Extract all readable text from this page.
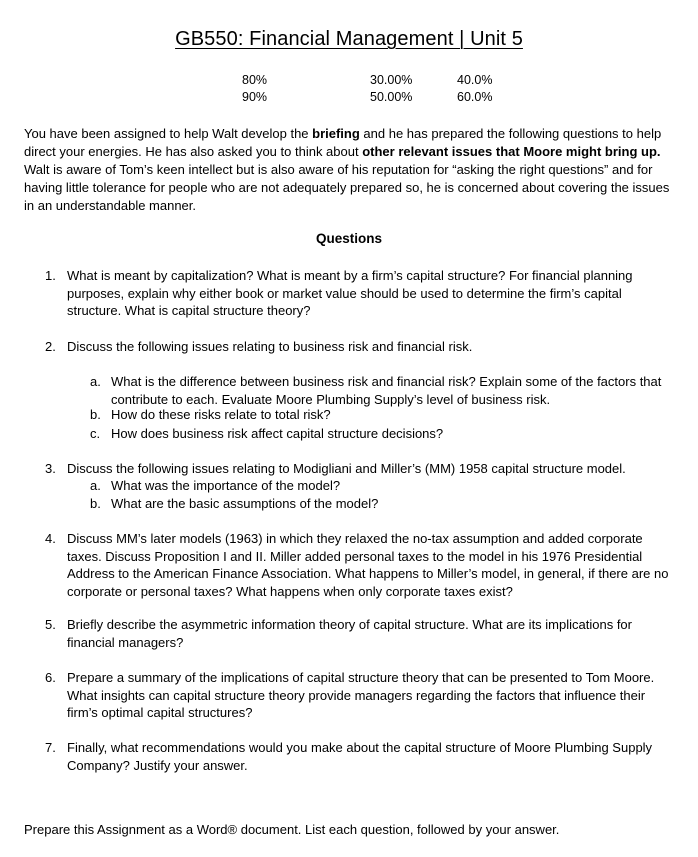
GB550: Financial Management | Unit 5
80%	30.00%	40.0%
90%	50.00%	60.0%

You have been assigned to help Walt develop the briefing and he has prepared the following questions to help direct your energies. He has also asked you to think about other relevant issues that Moore might bring up. Walt is aware of Tom’s keen intellect but is also aware of his reputation for “asking the right questions” and for having little tolerance for people who are not adequately prepared so, he is concerned about covering the issues in an understandable manner.

Questions
1. What is meant by capitalization? What is meant by a firm’s capital structure? For financial planning purposes, explain why either book or market value should be used to determine the firm’s capital structure. What is capital structure theory?
2. Discuss the following issues relating to business risk and financial risk.
a. What is the difference between business risk and financial risk? Explain some of the factors that contribute to each. Evaluate Moore Plumbing Supply’s level of business risk.
b. How do these risks relate to total risk?
c. How does business risk affect capital structure decisions?
3. Discuss the following issues relating to Modigliani and Miller’s (MM) 1958 capital structure model.
a. What was the importance of the model?
b. What are the basic assumptions of the model?
4. Discuss MM’s later models (1963) in which they relaxed the no-tax assumption and added corporate taxes. Discuss Proposition I and II. Miller added personal taxes to the model in his 1976 Presidential Address to the American Finance Association. What happens to Miller’s model, in general, if there are no corporate or personal taxes? What happens when only corporate taxes exist?
5. Briefly describe the asymmetric information theory of capital structure. What are its implications for financial managers?
6. Prepare a summary of the implications of capital structure theory that can be presented to Tom Moore. What insights can capital structure theory provide managers regarding the factors that influence their firm’s optimal capital structures?
7. Finally, what recommendations would you make about the capital structure of Moore Plumbing Supply Company? Justify your answer.
Prepare this Assignment as a Word® document. List each question, followed by your answer.
